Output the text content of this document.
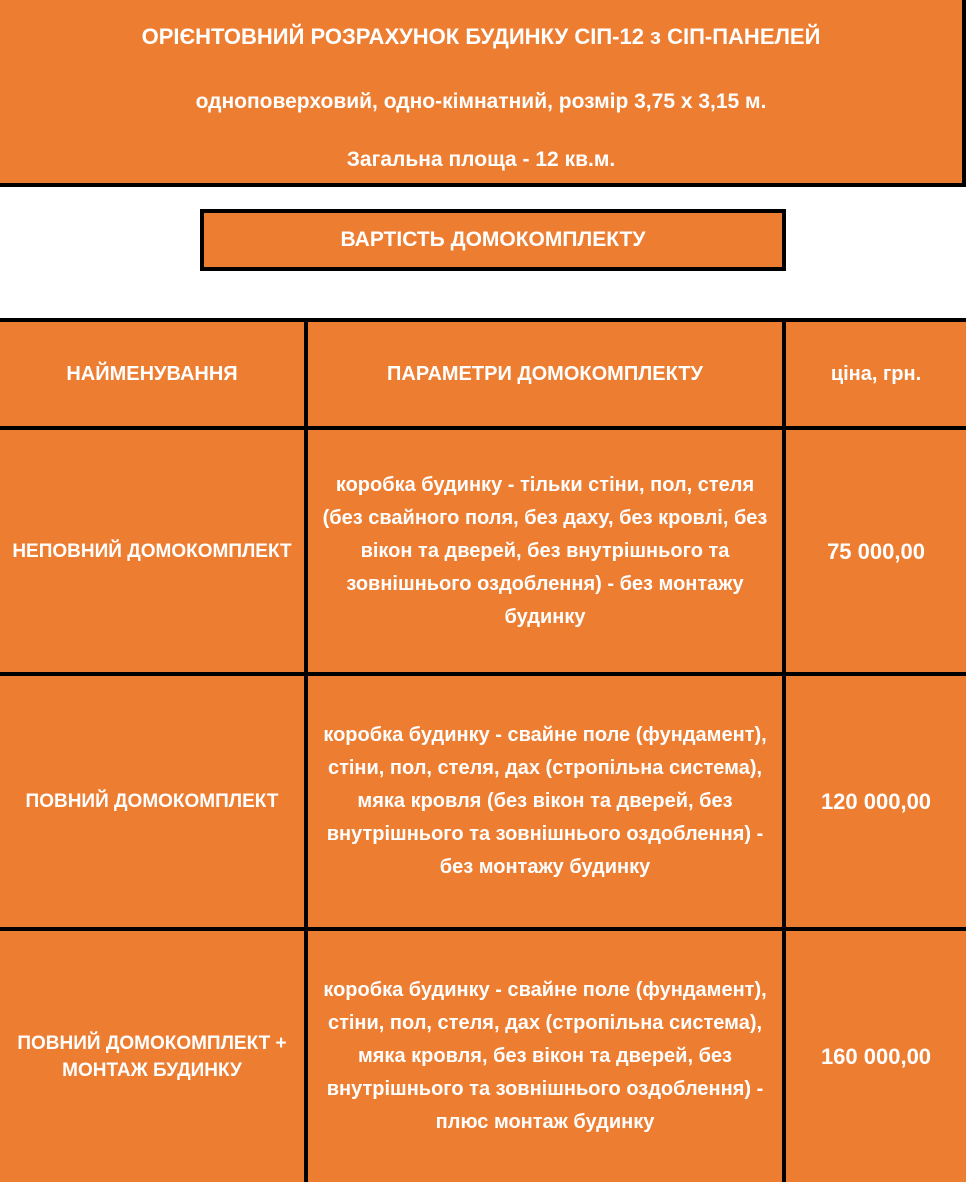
ОРІЄНТОВНИЙ РОЗРАХУНОК БУДИНКУ СІП-12 з СІП-ПАНЕЛЕЙ
одноповерховий, одно-кімнатний, розмір 3,75 х 3,15 м.
Загальна площа - 12 кв.м.
ВАРТІСТЬ ДОМОКОМПЛЕКТУ
НАЙМЕНУВАННЯ	ПАРАМЕТРИ ДОМОКОМПЛЕКТУ	ціна, грн.
НЕПОВНИЙ ДОМОКОМПЛЕКТ	коробка будинку - тільки стіни, пол, стеля (без свайного поля, без даху, без кровлі, без вікон та дверей, без внутрішнього та зовнішнього оздоблення) - без монтажу будинку	75 000,00
ПОВНИЙ ДОМОКОМПЛЕКТ	коробка будинку - свайне поле (фундамент), стіни, пол, стеля, дах (стропільна система), мяка кровля (без вікон та дверей, без внутрішнього та зовнішнього оздоблення) - без монтажу будинку	120 000,00
ПОВНИЙ ДОМОКОМПЛЕКТ + МОНТАЖ БУДИНКУ	коробка будинку - свайне поле (фундамент), стіни, пол, стеля, дах (стропільна система), мяка кровля, без вікон та дверей, без внутрішнього та зовнішнього оздоблення) - плюс монтаж будинку	160 000,00
